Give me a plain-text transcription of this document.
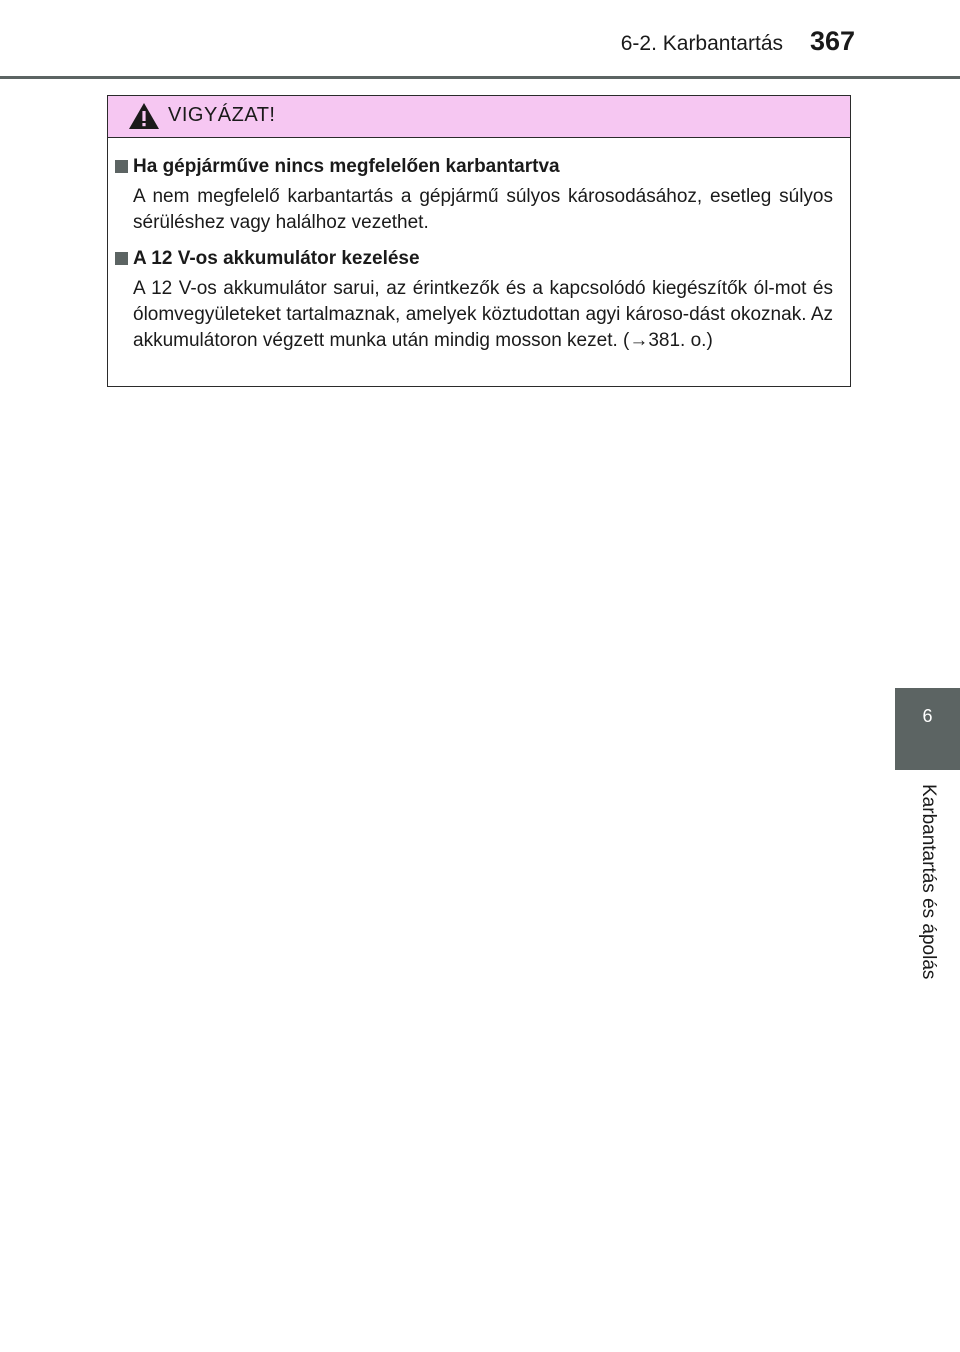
6-2. Karbantartás 367
VIGYÁZAT!
Ha gépjárműve nincs megfelelően karbantartva
A nem megfelelő karbantartás a gépjármű súlyos károsodásához, esetleg súlyos sérüléshez vagy halálhoz vezethet.
A 12 V-os akkumulátor kezelése
A 12 V-os akkumulátor sarui, az érintkezők és a kapcsolódó kiegészítők ól-mot és ólomvegyületeket tartalmaznak, amelyek köztudottan agyi károso-dást okoznak. Az akkumulátoron végzett munka után mindig mosson kezet. (→381. o.)
6
Karbantartás és ápolás
